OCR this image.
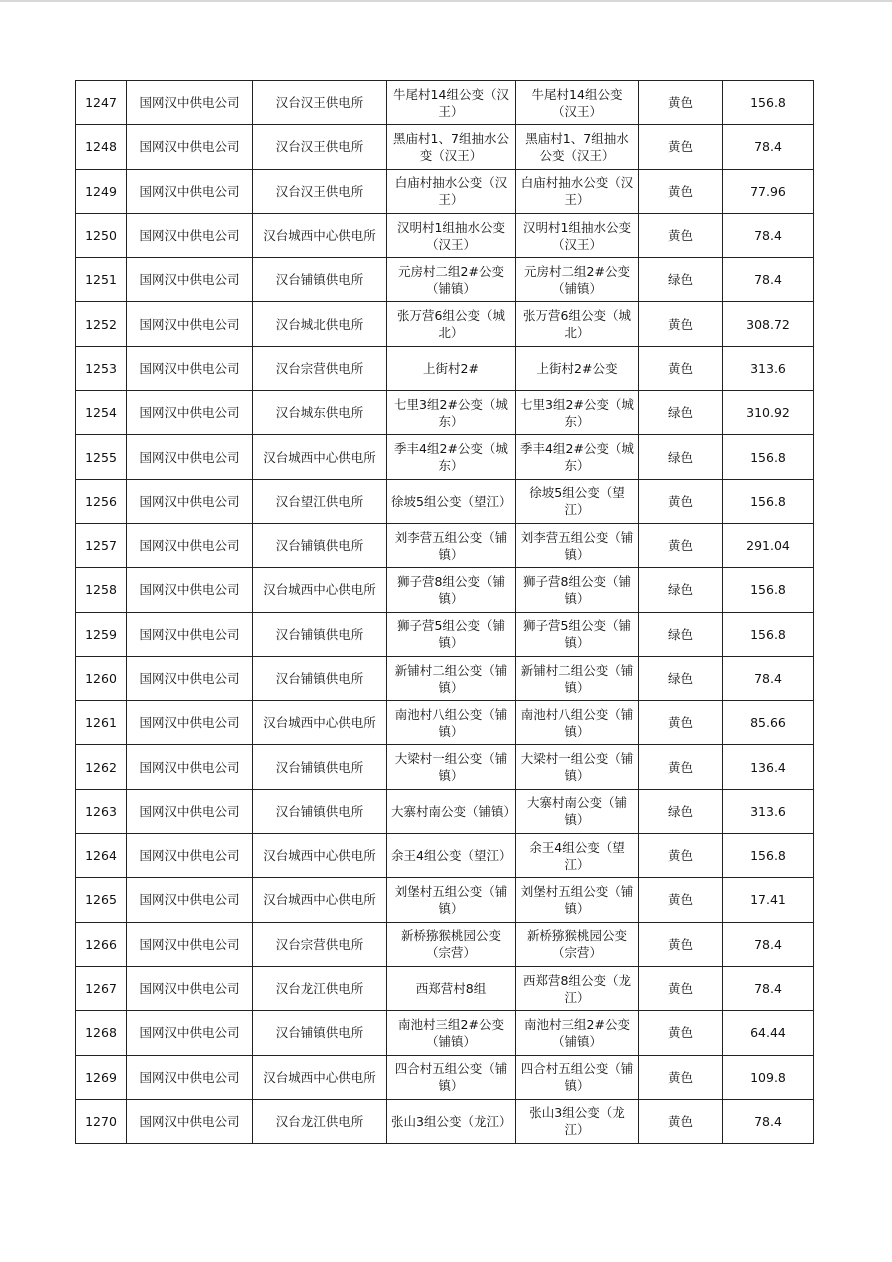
1247	国网汉中供电公司	汉台汉王供电所	牛尾村14组公变（汉王）	牛尾村14组公变（汉王）	黄色	156.8
1248	国网汉中供电公司	汉台汉王供电所	黑庙村1、7组抽水公变（汉王）	黑庙村1、7组抽水公变（汉王）	黄色	78.4
1249	国网汉中供电公司	汉台汉王供电所	白庙村抽水公变（汉王）	白庙村抽水公变（汉王）	黄色	77.96
1250	国网汉中供电公司	汉台城西中心供电所	汉明村1组抽水公变（汉王）	汉明村1组抽水公变（汉王）	黄色	78.4
1251	国网汉中供电公司	汉台铺镇供电所	元房村二组2#公变（铺镇）	元房村二组2#公变（铺镇）	绿色	78.4
1252	国网汉中供电公司	汉台城北供电所	张万营6组公变（城北）	张万营6组公变（城北）	黄色	308.72
1253	国网汉中供电公司	汉台宗营供电所	上街村2#	上街村2#公变	黄色	313.6
1254	国网汉中供电公司	汉台城东供电所	七里3组2#公变（城东）	七里3组2#公变（城东）	绿色	310.92
1255	国网汉中供电公司	汉台城西中心供电所	季丰4组2#公变（城东）	季丰4组2#公变（城东）	绿色	156.8
1256	国网汉中供电公司	汉台望江供电所	徐坡5组公变（望江）	徐坡5组公变（望江）	黄色	156.8
1257	国网汉中供电公司	汉台铺镇供电所	刘李营五组公变（铺镇）	刘李营五组公变（铺镇）	黄色	291.04
1258	国网汉中供电公司	汉台城西中心供电所	狮子营8组公变（铺镇）	狮子营8组公变（铺镇）	绿色	156.8
1259	国网汉中供电公司	汉台铺镇供电所	狮子营5组公变（铺镇）	狮子营5组公变（铺镇）	绿色	156.8
1260	国网汉中供电公司	汉台铺镇供电所	新铺村二组公变（铺镇）	新铺村二组公变（铺镇）	绿色	78.4
1261	国网汉中供电公司	汉台城西中心供电所	南池村八组公变（铺镇）	南池村八组公变（铺镇）	黄色	85.66
1262	国网汉中供电公司	汉台铺镇供电所	大梁村一组公变（铺镇）	大梁村一组公变（铺镇）	黄色	136.4
1263	国网汉中供电公司	汉台铺镇供电所	大寨村南公变（铺镇）	大寨村南公变（铺镇）	绿色	313.6
1264	国网汉中供电公司	汉台城西中心供电所	余王4组公变（望江）	余王4组公变（望江）	黄色	156.8
1265	国网汉中供电公司	汉台城西中心供电所	刘堡村五组公变（铺镇）	刘堡村五组公变（铺镇）	黄色	17.41
1266	国网汉中供电公司	汉台宗营供电所	新桥猕猴桃园公变（宗营）	新桥猕猴桃园公变（宗营）	黄色	78.4
1267	国网汉中供电公司	汉台龙江供电所	西郑营村8组	西郑营8组公变（龙江）	黄色	78.4
1268	国网汉中供电公司	汉台铺镇供电所	南池村三组2#公变（铺镇）	南池村三组2#公变（铺镇）	黄色	64.44
1269	国网汉中供电公司	汉台城西中心供电所	四合村五组公变（铺镇）	四合村五组公变（铺镇）	黄色	109.8
1270	国网汉中供电公司	汉台龙江供电所	张山3组公变（龙江）	张山3组公变（龙江）	黄色	78.4
